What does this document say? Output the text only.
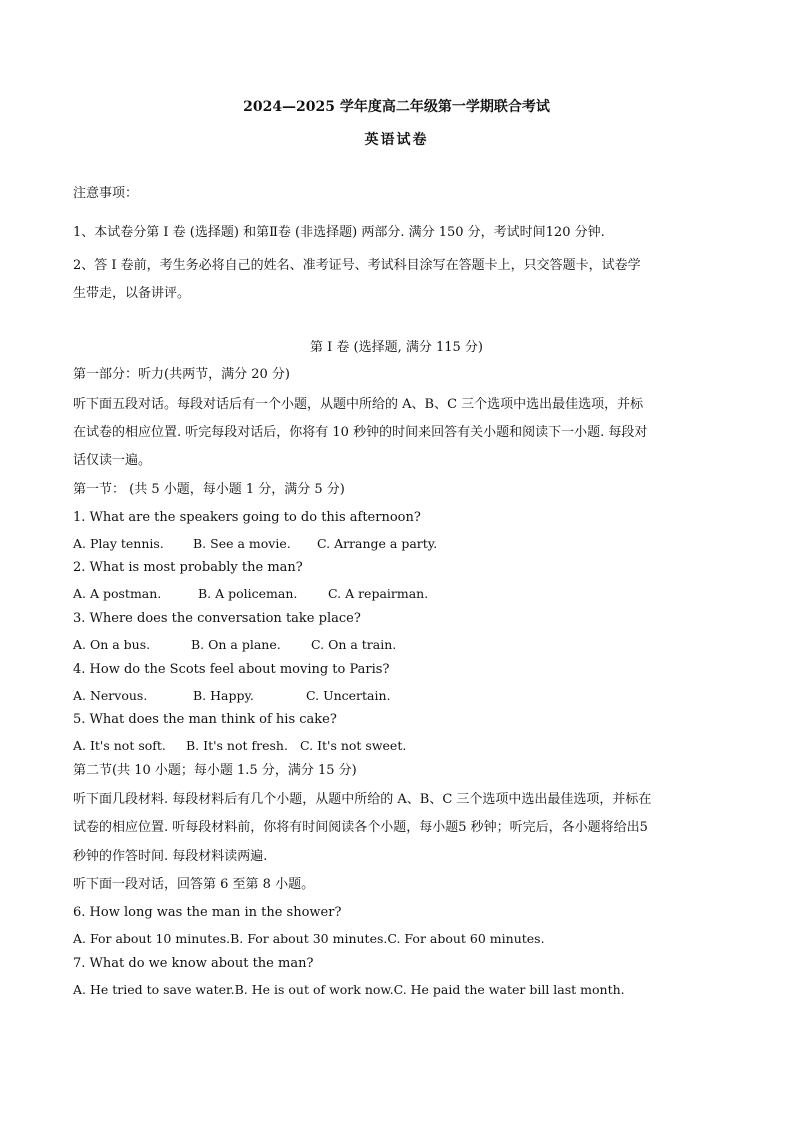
2024—2025 学年度高二年级第一学期联合考试
英语试卷
注意事项：
1、本试卷分第 I 卷 (选择题) 和第Ⅱ卷 (非选择题) 两部分. 满分 150 分，考试时间120 分钟.
2、答 I 卷前，考生务必将自己的姓名、准考证号、考试科目涂写在答题卡上，只交答题卡，试卷学
生带走，以备讲评。
第 I 卷 (选择题, 满分 115 分)
第一部分：听力(共两节，满分 20 分)
听下面五段对话。每段对话后有一个小题，从题中所给的 A、B、C 三个选项中选出最佳选项，并标
在试卷的相应位置. 听完每段对话后，你将有 10 秒钟的时间来回答有关小题和阅读下一小题. 每段对
话仅读一遍。
第一节： (共 5 小题，每小题 1 分，满分 5 分)
1. What are the speakers going to do this afternoon?
A. Play tennis. B. See a movie. C. Arrange a party.
2. What is most probably the man?
A. A postman.	B. A policeman. C. A repairman.
3. Where does the conversation take place?
A. On a bus.	B. On a plane. C. On a train.
4. How do the Scots feel about moving to Paris?
A. Nervous.	B. Happy.	C. Uncertain.
5. What does the man think of his cake?
A. It's not soft. B. It's not fresh. C. It's not sweet.
第二节(共 10 小题；每小题 1.5 分，满分 15 分)
听下面几段材料. 每段材料后有几个小题，从题中所给的 A、B、C 三个选项中选出最佳选项，并标在
试卷的相应位置. 听每段材料前，你将有时间阅读各个小题，每小题5 秒钟；听完后，各小题将给出5
秒钟的作答时间. 每段材料读两遍.
听下面一段对话，回答第 6 至第 8 小题。
6. How long was the man in the shower?
A. For about 10 minutes.B. For about 30 minutes.C. For about 60 minutes.
7. What do we know about the man?
A. He tried to save water.B. He is out of work now.C. He paid the water bill last month.
